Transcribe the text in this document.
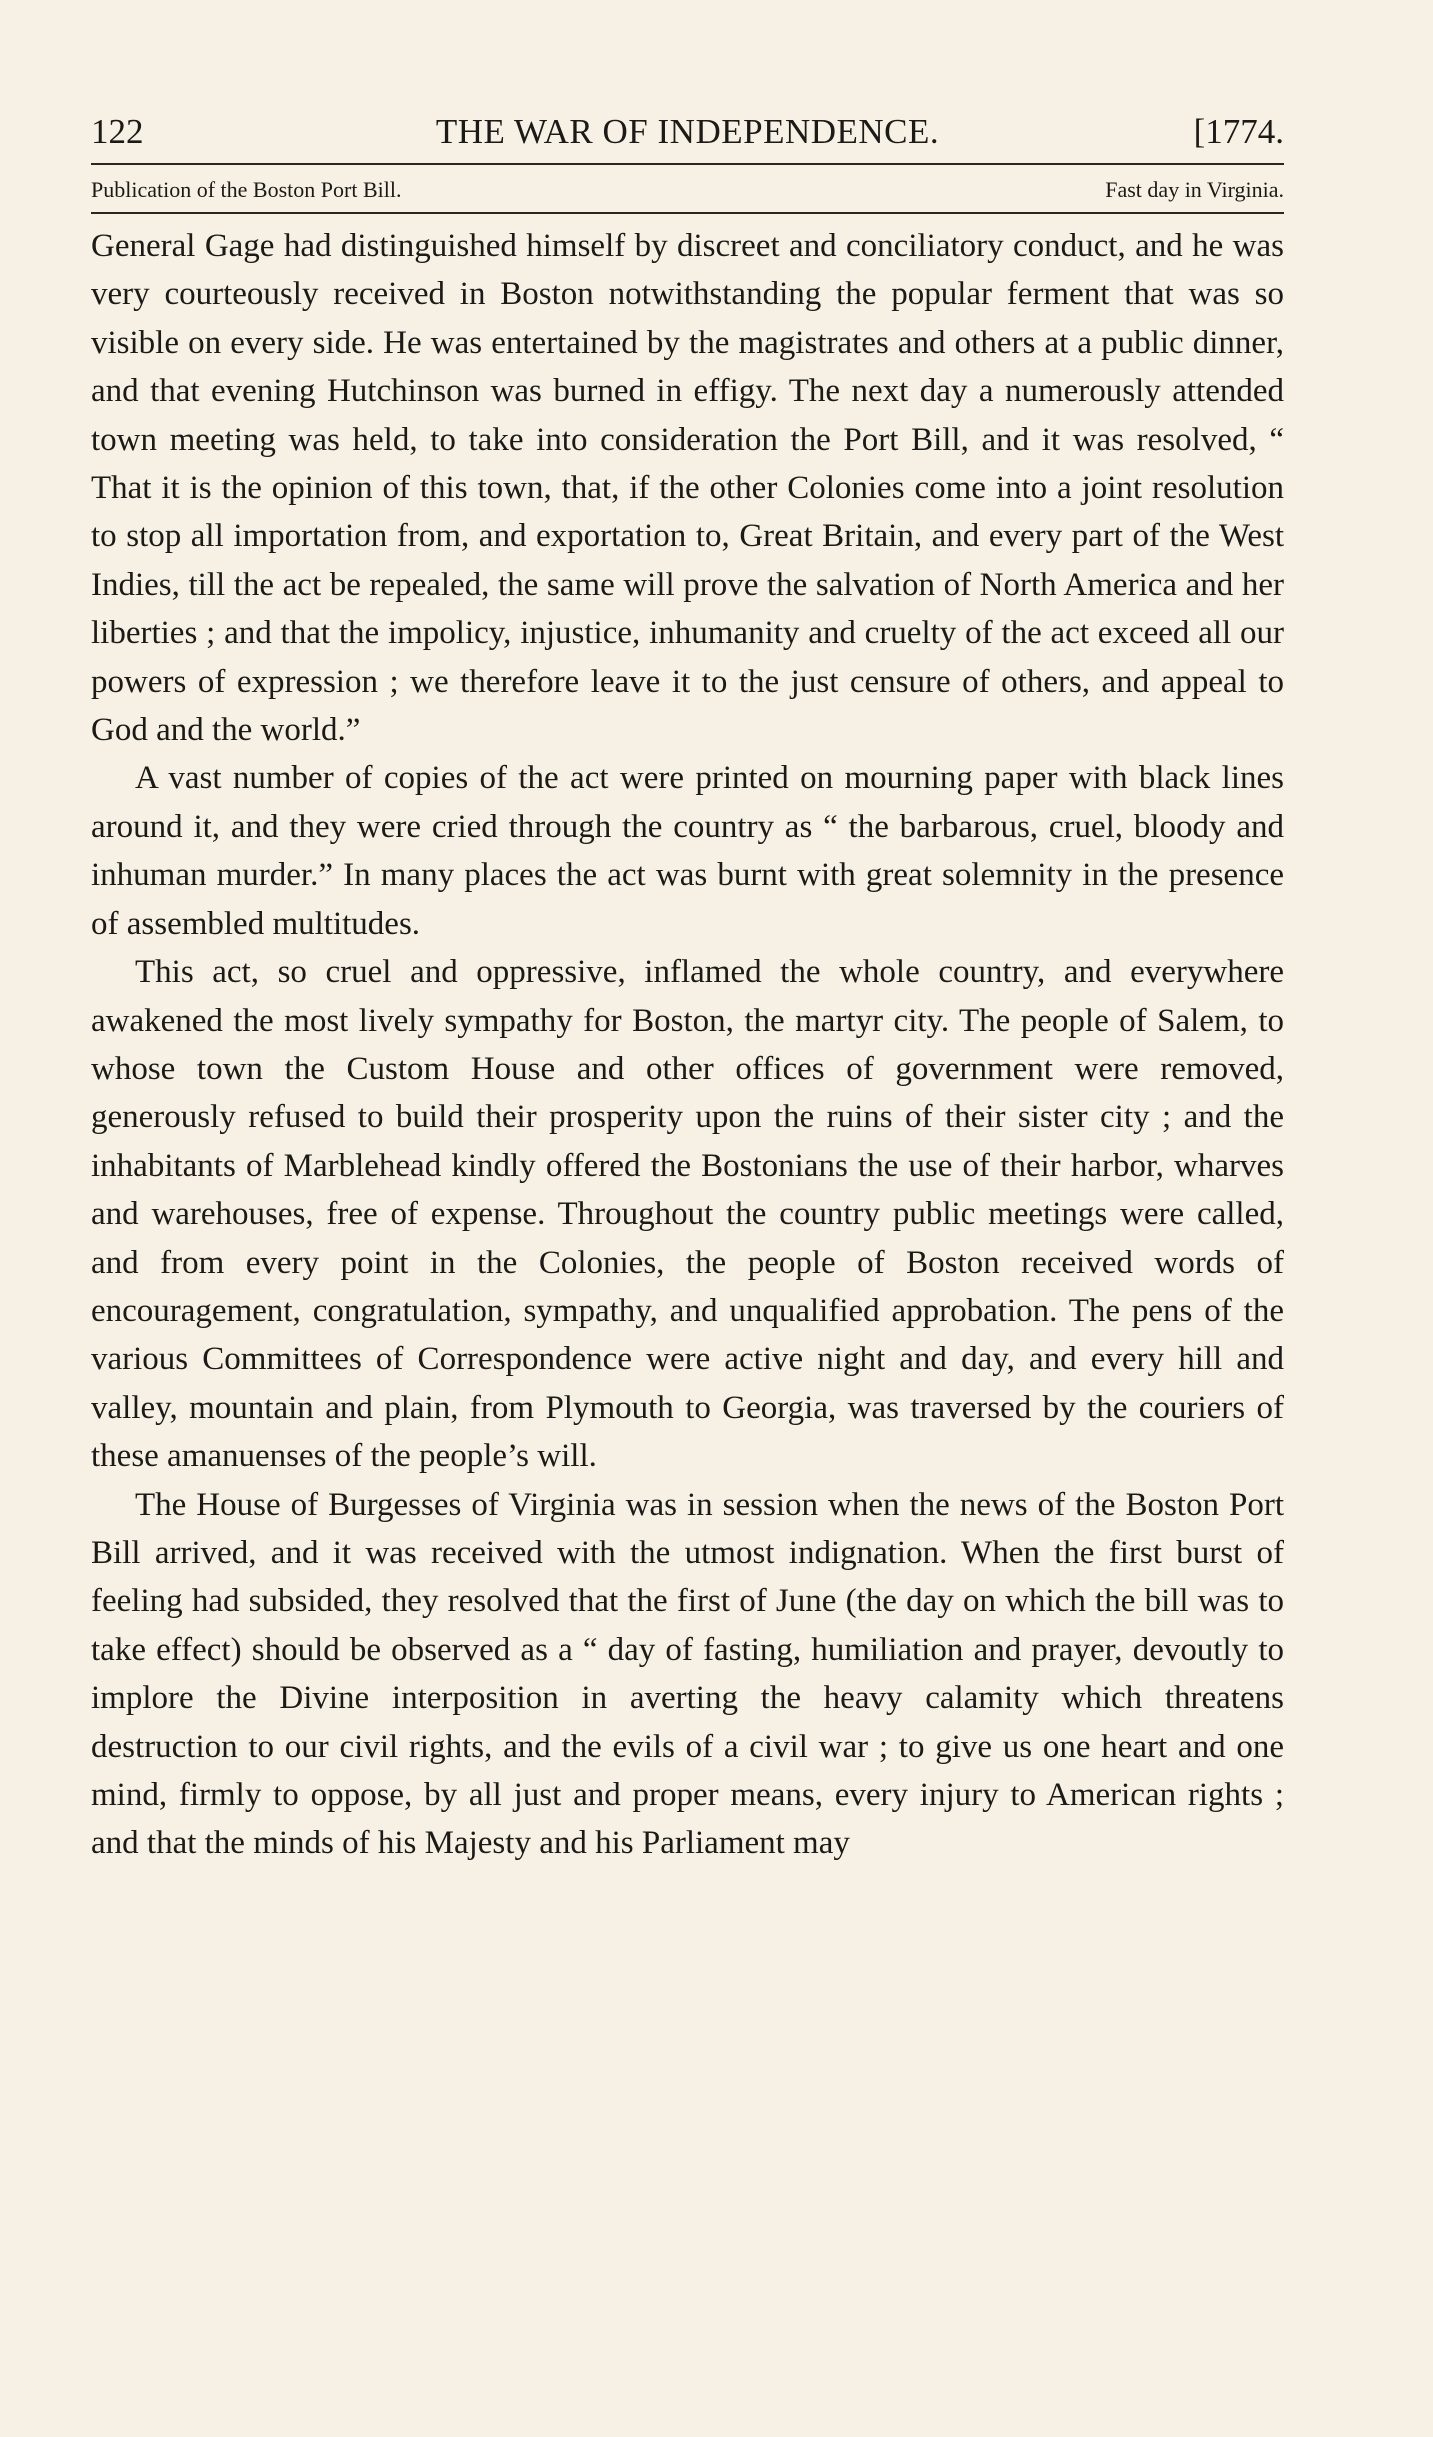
122	THE WAR OF INDEPENDENCE.	[1774.
Publication of the Boston Port Bill.	Fast day in Virginia.

General Gage had distinguished himself by discreet and conciliatory conduct, and he was very courteously received in Boston notwithstanding the popular ferment that was so visible on every side. He was entertained by the magistrates and others at a public dinner, and that evening Hutchinson was burned in effigy. The next day a numerously attended town meeting was held, to take into consideration the Port Bill, and it was resolved, “ That it is the opinion of this town, that, if the other Colonies come into a joint resolution to stop all importation from, and exportation to, Great Britain, and every part of the West Indies, till the act be repealed, the same will prove the salvation of North America and her liberties ; and that the impolicy, injustice, inhumanity and cruelty of the act exceed all our powers of expression ; we therefore leave it to the just censure of others, and appeal to God and the world.”

A vast number of copies of the act were printed on mourning paper with black lines around it, and they were cried through the country as “ the barbarous, cruel, bloody and inhuman murder.” In many places the act was burnt with great solemnity in the presence of assembled multitudes.

This act, so cruel and oppressive, inflamed the whole country, and everywhere awakened the most lively sympathy for Boston, the martyr city. The people of Salem, to whose town the Custom House and other offices of government were removed, generously refused to build their prosperity upon the ruins of their sister city ; and the inhabitants of Marblehead kindly offered the Bostonians the use of their harbor, wharves and warehouses, free of expense. Throughout the country public meetings were called, and from every point in the Colonies, the people of Boston received words of encouragement, congratulation, sympathy, and unqualified approbation. The pens of the various Committees of Correspondence were active night and day, and every hill and valley, mountain and plain, from Plymouth to Georgia, was traversed by the couriers of these amanuenses of the people’s will.

The House of Burgesses of Virginia was in session when the news of the Boston Port Bill arrived, and it was received with the utmost indignation. When the first burst of feeling had subsided, they resolved that the first of June (the day on which the bill was to take effect) should be observed as a “ day of fasting, humiliation and prayer, devoutly to implore the Divine interposition in averting the heavy calamity which threatens destruction to our civil rights, and the evils of a civil war ; to give us one heart and one mind, firmly to oppose, by all just and proper means, every injury to American rights ; and that the minds of his Majesty and his Parliament may
